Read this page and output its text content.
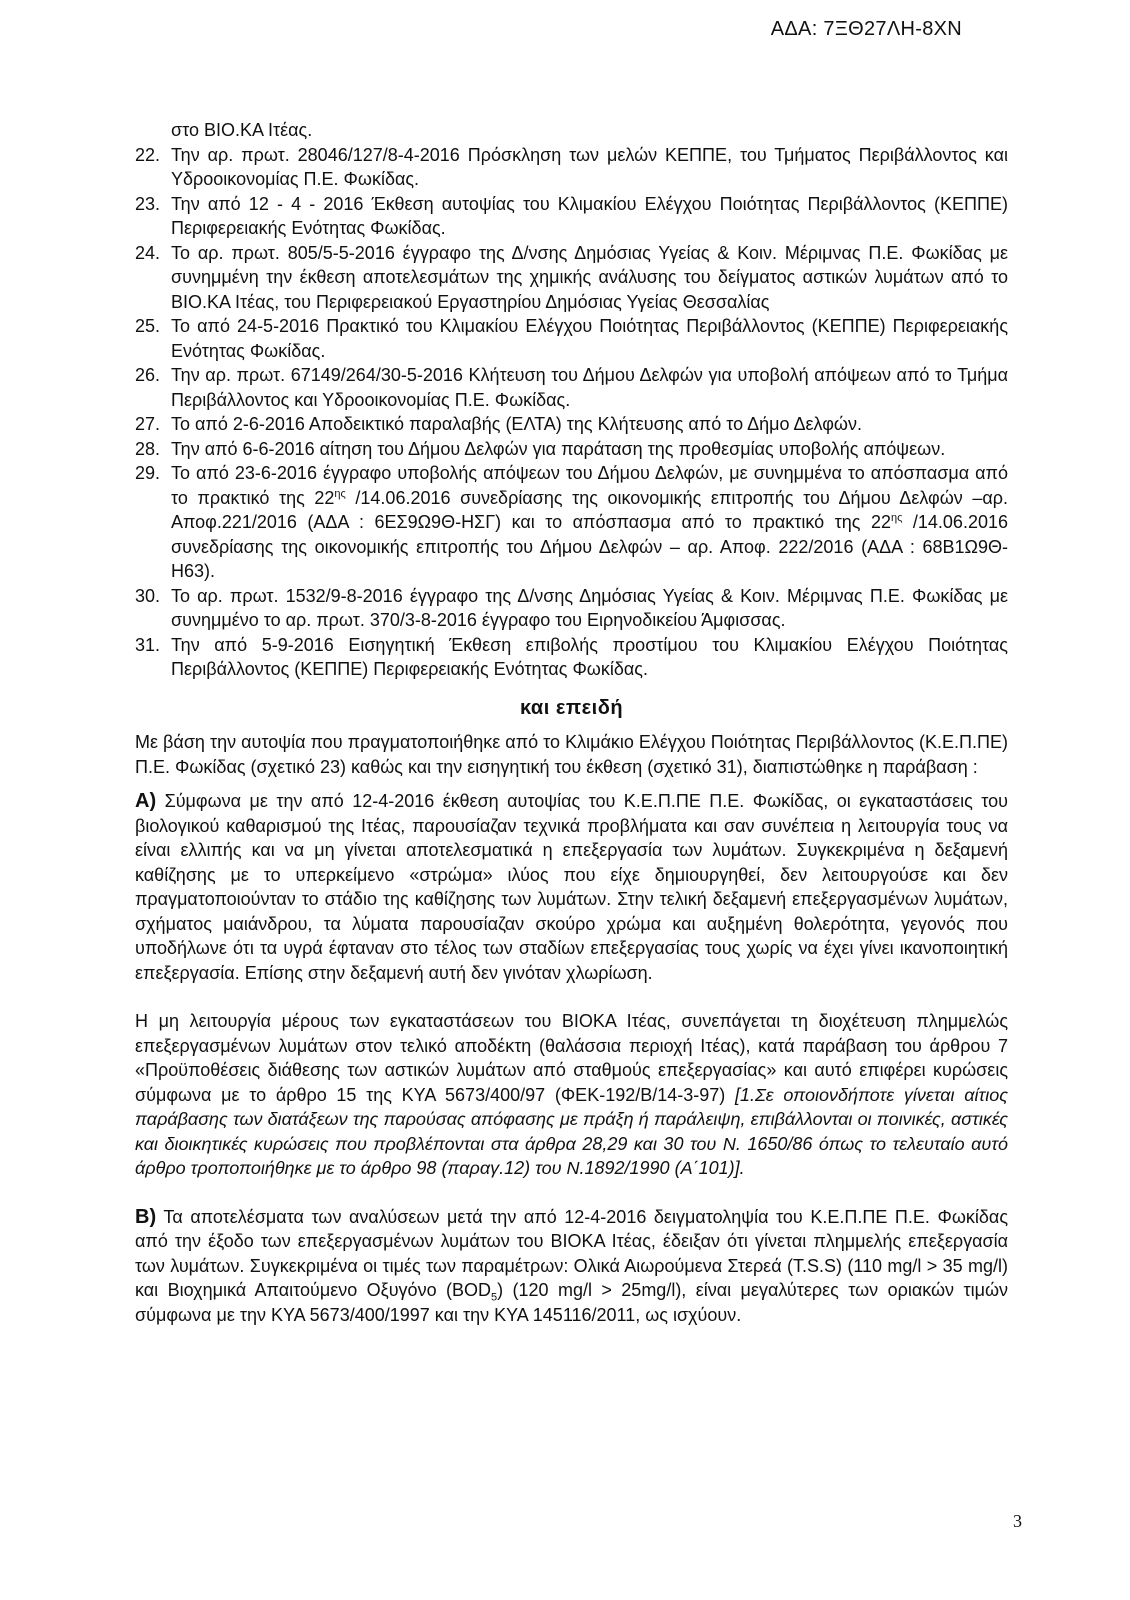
ΑΔΑ: 7ΞΘ27ΛΗ-8ΧΝ
στο ΒΙΟ.ΚΑ Ιτέας.
22. Την αρ. πρωτ. 28046/127/8-4-2016 Πρόσκληση των μελών ΚΕΠΠΕ, του Τμήματος Περιβάλλοντος και Υδροοικονομίας Π.Ε. Φωκίδας.
23. Την από 12 - 4 - 2016 Έκθεση αυτοψίας του Κλιμακίου Ελέγχου Ποιότητας Περιβάλλοντος (ΚΕΠΠΕ) Περιφερειακής Ενότητας Φωκίδας.
24. Το αρ. πρωτ. 805/5-5-2016 έγγραφο της Δ/νσης Δημόσιας Υγείας & Κοιν. Μέριμνας Π.Ε. Φωκίδας με συνημμένη την έκθεση αποτελεσμάτων της χημικής ανάλυσης του δείγματος αστικών λυμάτων από το ΒΙΟ.ΚΑ Ιτέας, του Περιφερειακού Εργαστηρίου Δημόσιας Υγείας Θεσσαλίας
25. Το από 24-5-2016 Πρακτικό του Κλιμακίου Ελέγχου Ποιότητας Περιβάλλοντος (ΚΕΠΠΕ) Περιφερειακής Ενότητας Φωκίδας.
26. Την αρ. πρωτ. 67149/264/30-5-2016 Κλήτευση του Δήμου Δελφών για υποβολή απόψεων από το Τμήμα Περιβάλλοντος και Υδροοικονομίας Π.Ε. Φωκίδας.
27. Το από 2-6-2016 Αποδεικτικό παραλαβής (ΕΛΤΑ) της Κλήτευσης από το Δήμο Δελφών.
28. Την από 6-6-2016 αίτηση του Δήμου Δελφών για παράταση της προθεσμίας υποβολής απόψεων.
29. Το από 23-6-2016 έγγραφο υποβολής απόψεων του Δήμου Δελφών, με συνημμένα το απόσπασμα από το πρακτικό της $22^{\eta\varsigma}$ /14.06.2016 συνεδρίασης της οικονομικής επιτροπής του Δήμου Δελφών –αρ. Αποφ.221/2016 (ΑΔΑ : 6ΕΣ9Ω9Θ-ΗΣΓ) και το απόσπασμα από το πρακτικό της $22^{\eta\varsigma}$ /14.06.2016 συνεδρίασης της οικονομικής επιτροπής του Δήμου Δελφών – αρ. Αποφ. 222/2016 (ΑΔΑ : 68Β1Ω9Θ-Η63).
30. Το αρ. πρωτ. 1532/9-8-2016 έγγραφο της Δ/νσης Δημόσιας Υγείας & Κοιν. Μέριμνας Π.Ε. Φωκίδας με συνημμένο το αρ. πρωτ. 370/3-8-2016 έγγραφο του Ειρηνοδικείου Άμφισσας.
31. Την από 5-9-2016 Εισηγητική Έκθεση επιβολής προστίμου του Κλιμακίου Ελέγχου Ποιότητας Περιβάλλοντος (ΚΕΠΠΕ) Περιφερειακής Ενότητας Φωκίδας.
και επειδή

Με βάση την αυτοψία που πραγματοποιήθηκε από το Κλιμάκιο Ελέγχου Ποιότητας Περιβάλλοντος (Κ.Ε.Π.ΠΕ) Π.Ε. Φωκίδας (σχετικό 23) καθώς και την εισηγητική του έκθεση (σχετικό 31), διαπιστώθηκε η παράβαση :

Α) Σύμφωνα με την από 12-4-2016 έκθεση αυτοψίας του Κ.Ε.Π.ΠΕ Π.Ε. Φωκίδας, οι εγκαταστάσεις του βιολογικού καθαρισμού της Ιτέας, παρουσίαζαν τεχνικά προβλήματα και σαν συνέπεια η λειτουργία τους να είναι ελλιπής και να μη γίνεται αποτελεσματικά η επεξεργασία των λυμάτων. Συγκεκριμένα η δεξαμενή καθίζησης με το υπερκείμενο «στρώμα» ιλύος που είχε δημιουργηθεί, δεν λειτουργούσε και δεν πραγματοποιούνταν το στάδιο της καθίζησης των λυμάτων. Στην τελική δεξαμενή επεξεργασμένων λυμάτων, σχήματος μαιάνδρου, τα λύματα παρουσίαζαν σκούρο χρώμα και αυξημένη θολερότητα, γεγονός που υποδήλωνε ότι τα υγρά έφταναν στο τέλος των σταδίων επεξεργασίας τους χωρίς να έχει γίνει ικανοποιητική επεξεργασία. Επίσης στην δεξαμενή αυτή δεν γινόταν χλωρίωση.

Η μη λειτουργία μέρους των εγκαταστάσεων του ΒΙΟΚΑ Ιτέας, συνεπάγεται τη διοχέτευση πλημμελώς επεξεργασμένων λυμάτων στον τελικό αποδέκτη (θαλάσσια περιοχή Ιτέας), κατά παράβαση του άρθρου 7 «Προϋποθέσεις διάθεσης των αστικών λυμάτων από σταθμούς επεξεργασίας» και αυτό επιφέρει κυρώσεις σύμφωνα με το άρθρο 15 της ΚΥΑ 5673/400/97 (ΦΕΚ-192/Β/14-3-97) [1.Σε οποιονδήποτε γίνεται αίτιος παράβασης των διατάξεων της παρούσας απόφασης με πράξη ή παράλειψη, επιβάλλονται οι ποινικές, αστικές και διοικητικές κυρώσεις που προβλέπονται στα άρθρα 28,29 και 30 του Ν. 1650/86 όπως το τελευταίο αυτό άρθρο τροποποιήθηκε με το άρθρο 98 (παραγ.12) του Ν.1892/1990 (Α΄101)].

Β) Τα αποτελέσματα των αναλύσεων μετά την από 12-4-2016 δειγματοληψία του Κ.Ε.Π.ΠΕ Π.Ε. Φωκίδας από την έξοδο των επεξεργασμένων λυμάτων του ΒΙΟΚΑ Ιτέας, έδειξαν ότι γίνεται πλημμελής επεξεργασία των λυμάτων. Συγκεκριμένα οι τιμές των παραμέτρων: Ολικά Αιωρούμενα Στερεά (T.S.S) (110 mg/l > 35 mg/l) και Βιοχημικά Απαιτούμενο Οξυγόνο $(BOD_5)$ (120 mg/l > 25mg/l), είναι μεγαλύτερες των οριακών τιμών σύμφωνα με την ΚΥΑ 5673/400/1997 και την ΚΥΑ 145116/2011, ως ισχύουν.

3
